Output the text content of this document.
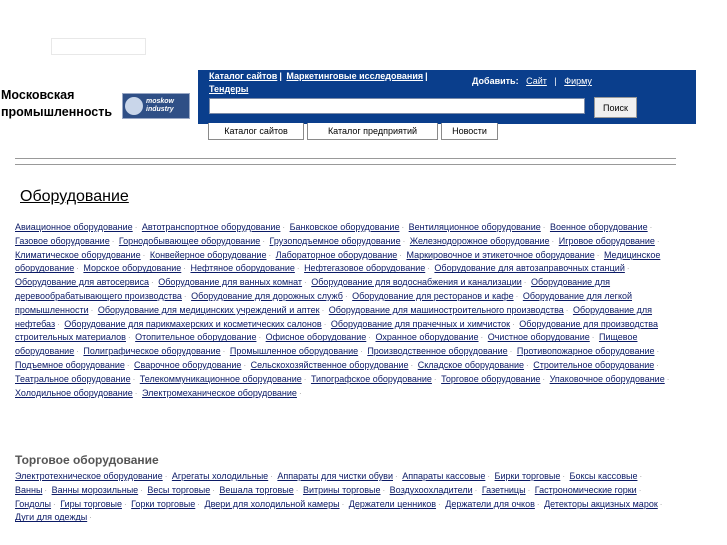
Московская промышленность
moskow industry
Каталог сайтов | Маркетинговые исследования | Тендеры
Добавить: Сайт | Фирму
Поиск
Каталог сайтов	Каталог предприятий	Новости
Оборудование
Авиационное оборудование · Автотранспортное оборудование · Банковское оборудование · Вентиляционное оборудование · Военное оборудование · Газовое оборудование · Горнодобывающее оборудование · Грузоподъемное оборудование · Железнодорожное оборудование · Игровое оборудование · Климатическое оборудование · Конвейерное оборудование · Лабораторное оборудование · Маркировочное и этикеточное оборудование · Медицинское оборудование · Морское оборудование · Нефтяное оборудование · Нефтегазовое оборудование · Оборудование для автозаправочных станций · Оборудование для автосервиса · Оборудование для ванных комнат · Оборудование для водоснабжения и канализации · Оборудование для деревообрабатывающего производства · Оборудование для дорожных служб · Оборудование для ресторанов и кафе · Оборудование для легкой промышленности · Оборудование для медицинских учреждений и аптек · Оборудование для машиностроительного производства · Оборудование для нефтебаз · Оборудование для парикмахерских и косметических салонов · Оборудование для прачечных и химчисток · Оборудование для производства строительных материалов · Отопительное оборудование · Офисное оборудование · Охранное оборудование · Очистное оборудование · Пищевое оборудование · Полиграфическое оборудование · Промышленное оборудование · Производственное оборудование · Противопожарное оборудование · Подъемное оборудование · Сварочное оборудование · Сельскохозяйственное оборудование · Складское оборудование · Строительное оборудование · Театральное оборудование · Телекоммуникационное оборудование · Типографское оборудование · Торговое оборудование · Упаковочное оборудование · Холодильное оборудование · Электромеханическое оборудование ·
Торговое оборудование
Электротехническое оборудование · Агрегаты холодильные · Аппараты для чистки обуви · Аппараты кассовые · Бирки торговые · Боксы кассовые · Ванны · Ванны морозильные · Весы торговые · Вешала торговые · Витрины торговые · Воздухоохладители · Газетницы · Гастрономические горки · Гондолы · Гиры торговые · Горки торговые · Двери для холодильной камеры · Держатели ценников · Держатели для очков · Детекторы акцизных марок · Дуги для одежды ·
